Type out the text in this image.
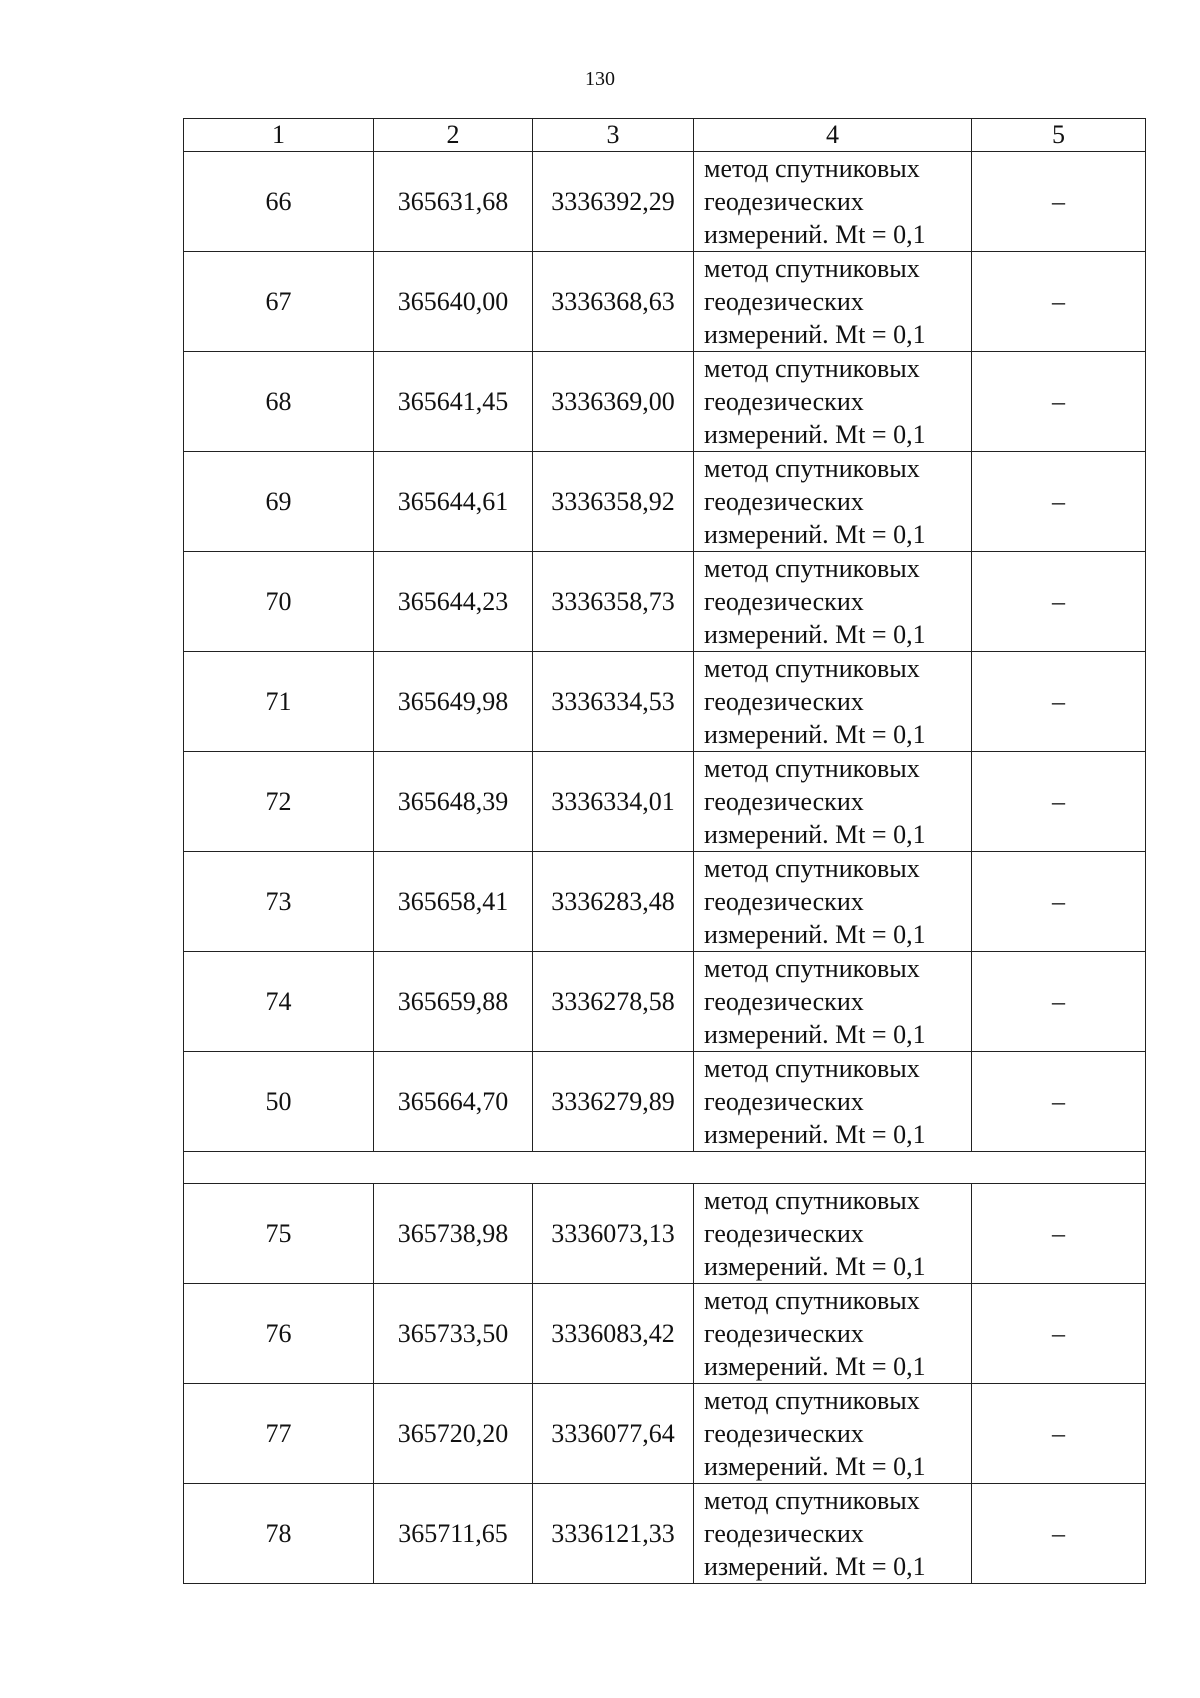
130
1	2	3	4	5
66	365631,68	3336392,29	метод спутниковых
геодезических
измерений. Mt = 0,1	–
67	365640,00	3336368,63	метод спутниковых
геодезических
измерений. Mt = 0,1	–
68	365641,45	3336369,00	метод спутниковых
геодезических
измерений. Mt = 0,1	–
69	365644,61	3336358,92	метод спутниковых
геодезических
измерений. Mt = 0,1	–
70	365644,23	3336358,73	метод спутниковых
геодезических
измерений. Mt = 0,1	–
71	365649,98	3336334,53	метод спутниковых
геодезических
измерений. Mt = 0,1	–
72	365648,39	3336334,01	метод спутниковых
геодезических
измерений. Mt = 0,1	–
73	365658,41	3336283,48	метод спутниковых
геодезических
измерений. Mt = 0,1	–
74	365659,88	3336278,58	метод спутниковых
геодезических
измерений. Mt = 0,1	–
50	365664,70	3336279,89	метод спутниковых
геодезических
измерений. Mt = 0,1	–

75	365738,98	3336073,13	метод спутниковых
геодезических
измерений. Mt = 0,1	–
76	365733,50	3336083,42	метод спутниковых
геодезических
измерений. Mt = 0,1	–
77	365720,20	3336077,64	метод спутниковых
геодезических
измерений. Mt = 0,1	–
78	365711,65	3336121,33	метод спутниковых
геодезических
измерений. Mt = 0,1	–
